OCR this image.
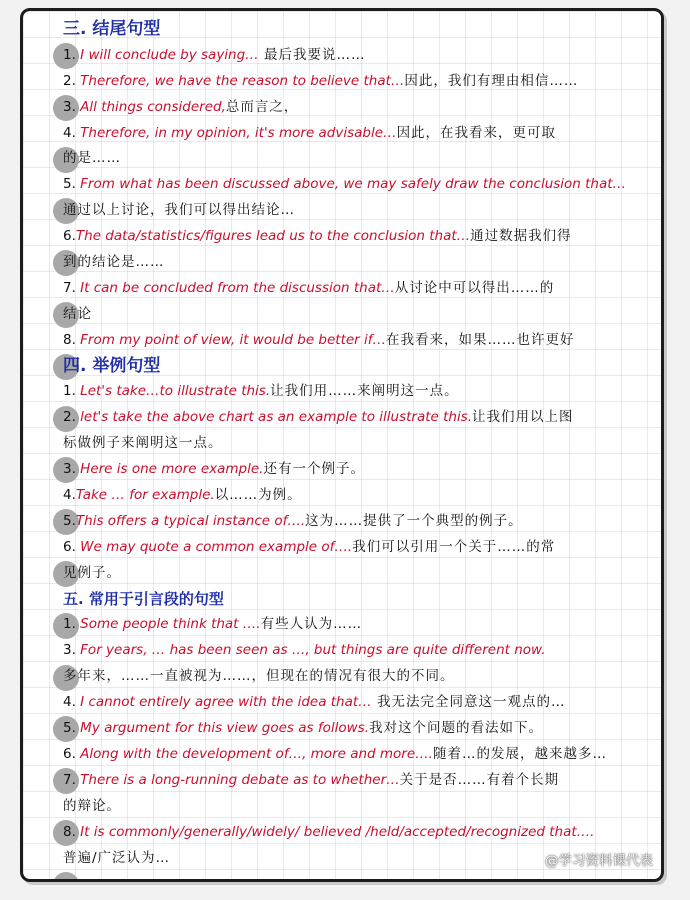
三. 结尾句型
1. I will conclude by saying… 最后我要说……
2. Therefore, we have the reason to believe that…因此，我们有理由相信……
3. All things considered,总而言之，
4. Therefore, in my opinion, it's more advisable…因此，在我看来，更可取
的是……
5. From what has been discussed above, we may safely draw the conclusion that…
通过以上讨论，我们可以得出结论…
6.The data/statistics/figures lead us to the conclusion that…通过数据我们得
到的结论是……
7. It can be concluded from the discussion that…从讨论中可以得出……的
结论
8. From my point of view, it would be better if…在我看来，如果……也许更好
四. 举例句型
1. Let's take…to illustrate this.让我们用……来阐明这一点。
2. let's take the above chart as an example to illustrate this.让我们用以上图
标做例子来阐明这一点。
3. Here is one more example.还有一个例子。
4.Take … for example.以……为例。
5.This offers a typical instance of….这为……提供了一个典型的例子。
6. We may quote a common example of….我们可以引用一个关于……的常
见例子。
五. 常用于引言段的句型
1. Some people think that ….有些人认为……
3. For years, … has been seen as …, but things are quite different now.
多年来，……一直被视为……，但现在的情况有很大的不同。
4. I cannot entirely agree with the idea that… 我无法完全同意这一观点的…
5. My argument for this view goes as follows.我对这个问题的看法如下。
6. Along with the development of…, more and more….随着…的发展，越来越多…
7. There is a long-running debate as to whether…关于是否……有着个长期
的辩论。
8. It is commonly/generally/widely/ believed /held/accepted/recognized that….
普遍/广泛认为…	@学习资料课代表
